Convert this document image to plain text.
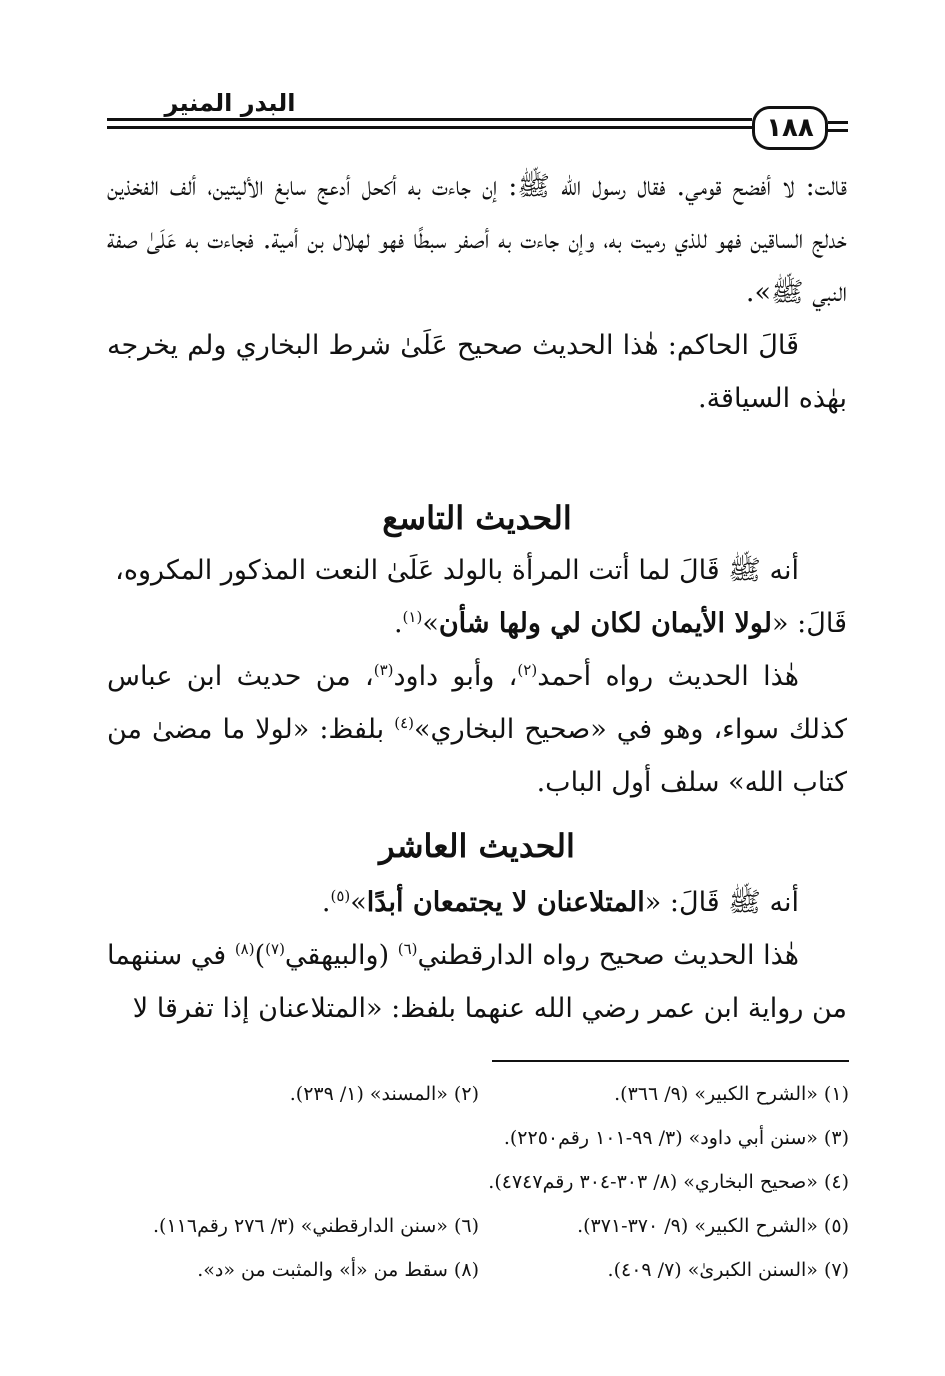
البدر المنير
١٨٨

قالت: لا أفضح قومي. فقال رسول الله ﷺ: إن جاءت به أكحل أدعج سابغ الأليتين، ألف الفخذين خدلج الساقين فهو للذي رميت به، وإن جاءت به أصفر سبطًا فهو لهلال بن أمية. فجاءت به عَلَىٰ صفة النبي ﷺ».

قَالَ الحاكم: هٰذا الحديث صحيح عَلَىٰ شرط البخاري ولم يخرجه بهٰذه السياقة.

الحديث التاسع

أنه ﷺ قَالَ لما أتت المرأة بالولد عَلَىٰ النعت المذكور المكروه،
قَالَ: «لولا الأيمان لكان لي ولها شأن»$^{(١)}$.

هٰذا الحديث رواه أحمد$^{(٢)}$، وأبو داود$^{(٣)}$، من حديث ابن عباس كذلك سواء، وهو في «صحيح البخاري»$^{(٤)}$ بلفظ: «لولا ما مضىٰ من كتاب الله» سلف أول الباب.

الحديث العاشر

أنه ﷺ قَالَ: «المتلاعنان لا يجتمعان أبدًا»$^{(٥)}$.

هٰذا الحديث صحيح رواه الدارقطني$^{(٦)}$ (والبيهقي$^{(٧)}$)$^{(٨)}$ في سننهما من رواية ابن عمر رضي الله عنهما بلفظ: «المتلاعنان إذا تفرقا لا

(١) «الشرح الكبير» (٩/ ٣٦٦).
(٢) «المسند» (١/ ٢٣٩).
(٣) «سنن أبي داود» (٣/ ٩٩-١٠١ رقم٢٢٥٠).
(٤) «صحيح البخاري» (٨/ ٣٠٣-٣٠٤ رقم٤٧٤٧).
(٥) «الشرح الكبير» (٩/ ٣٧٠-٣٧١).
(٦) «سنن الدارقطني» (٣/ ٢٧٦ رقم١١٦).
(٧) «السنن الكبرىٰ» (٧/ ٤٠٩).
(٨) سقط من «أ» والمثبت من «د».
